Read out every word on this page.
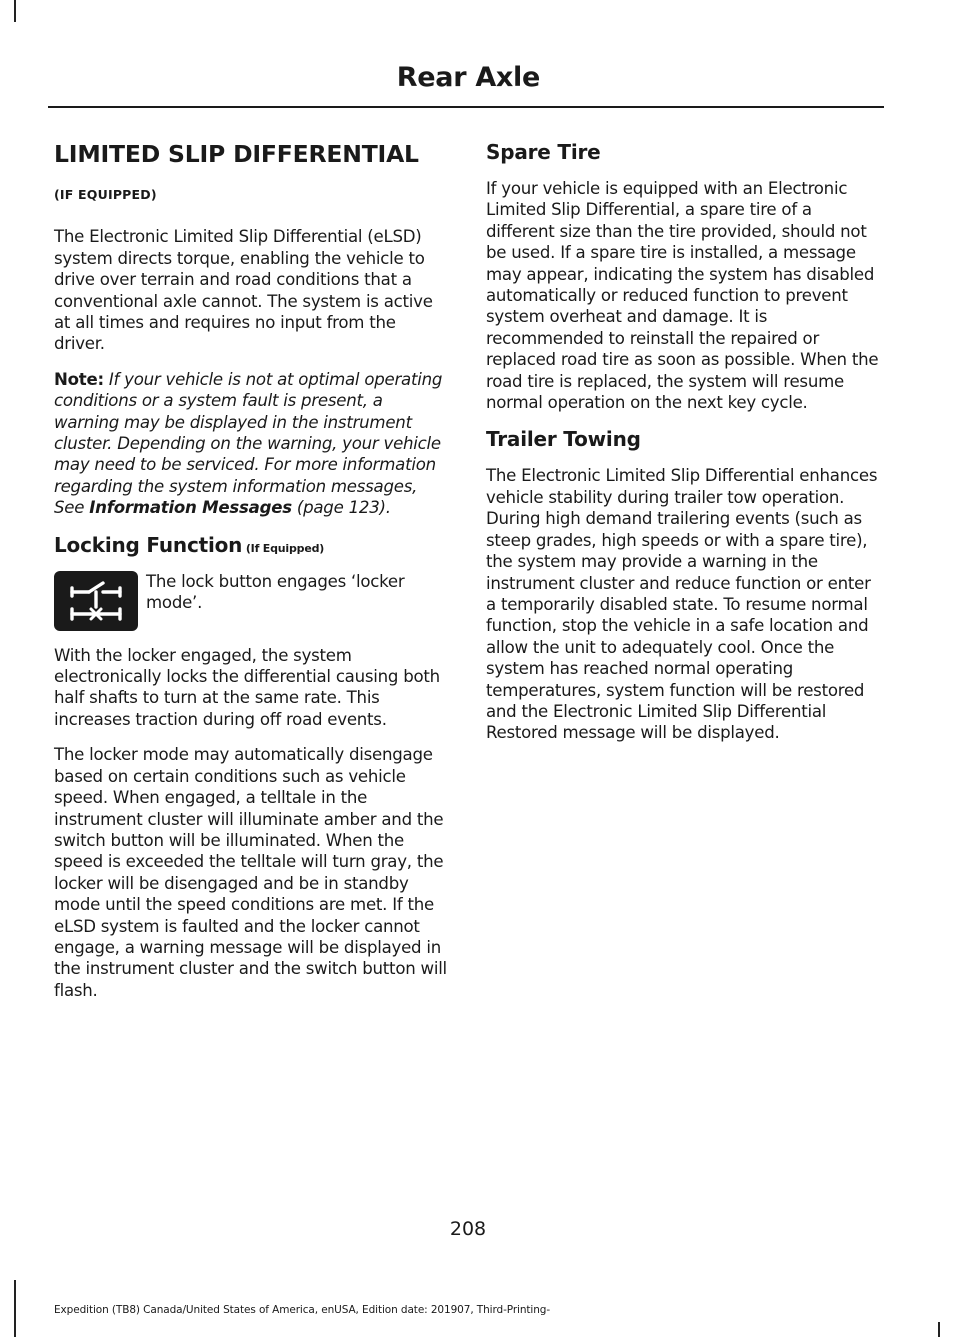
Rear Axle
LIMITED SLIP DIFFERENTIAL
(IF EQUIPPED)

The Electronic Limited Slip Differential (eLSD) system directs torque, enabling the vehicle to drive over terrain and road conditions that a conventional axle cannot. The system is active at all times and requires no input from the driver.

Note: If your vehicle is not at optimal operating conditions or a system fault is present, a warning may be displayed in the instrument cluster. Depending on the warning, your vehicle may need to be serviced. For more information regarding the system information messages, See Information Messages (page 123).

Locking Function (If Equipped)

The lock button engages ‘locker mode’.

With the locker engaged, the system electronically locks the differential causing both half shafts to turn at the same rate. This increases traction during off road events.

The locker mode may automatically disengage based on certain conditions such as vehicle speed. When engaged, a telltale in the instrument cluster will illuminate amber and the switch button will be illuminated. When the speed is exceeded the telltale will turn gray, the locker will be disengaged and be in standby mode until the speed conditions are met. If the eLSD system is faulted and the locker cannot engage, a warning message will be displayed in the instrument cluster and the switch button will flash.

Spare Tire

If your vehicle is equipped with an Electronic Limited Slip Differential, a spare tire of a different size than the tire provided, should not be used. If a spare tire is installed, a message may appear, indicating the system has disabled automatically or reduced function to prevent system overheat and damage. It is recommended to reinstall the repaired or replaced road tire as soon as possible. When the road tire is replaced, the system will resume normal operation on the next key cycle.

Trailer Towing

The Electronic Limited Slip Differential enhances vehicle stability during trailer tow operation. During high demand trailering events (such as steep grades, high speeds or with a spare tire), the system may provide a warning in the instrument cluster and reduce function or enter a temporarily disabled state. To resume normal function, stop the vehicle in a safe location and allow the unit to adequately cool. Once the system has reached normal operating temperatures, system function will be restored and the Electronic Limited Slip Differential Restored message will be displayed.

208
Expedition (TB8) Canada/United States of America, enUSA, Edition date: 201907, Third-Printing-
